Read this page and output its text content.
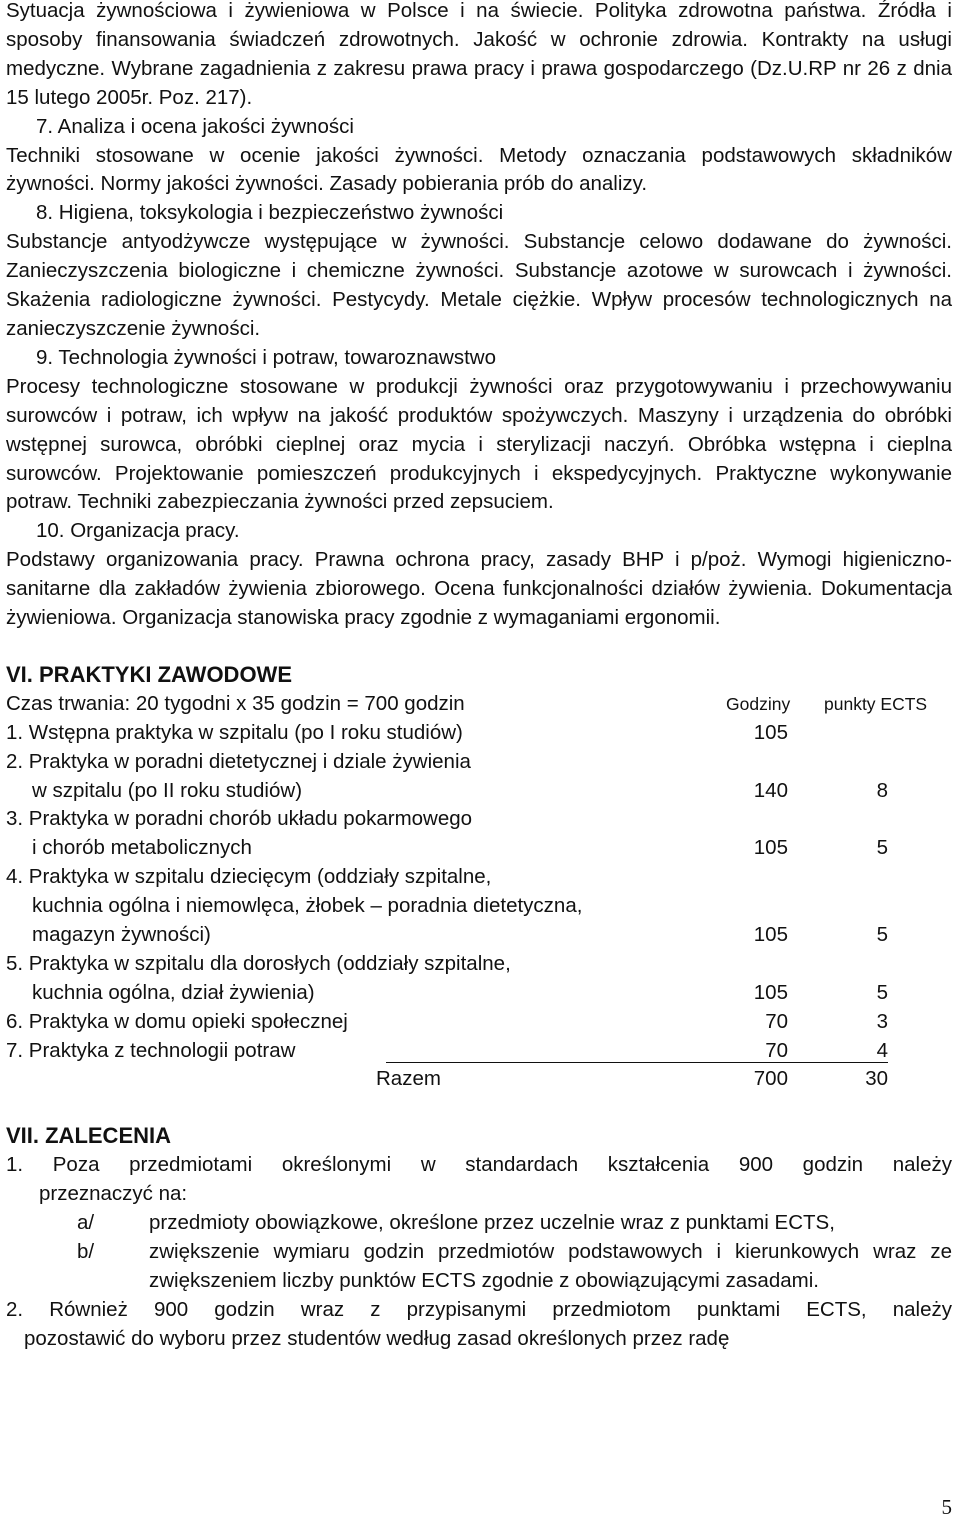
Sytuacja żywnościowa i żywieniowa w Polsce i na świecie. Polityka zdrowotna państwa. Źródła i sposoby finansowania świadczeń zdrowotnych. Jakość w ochronie zdrowia. Kontrakty na usługi medyczne. Wybrane zagadnienia z zakresu prawa pracy i prawa gospodarczego (Dz.U.RP nr 26 z dnia 15 lutego 2005r. Poz. 217).

7. Analiza i ocena jakości żywności

Techniki stosowane w ocenie jakości żywności. Metody oznaczania podstawowych składników żywności. Normy jakości żywności. Zasady pobierania prób do analizy.

8. Higiena, toksykologia i bezpieczeństwo żywności

Substancje antyodżywcze występujące w żywności. Substancje celowo dodawane do żywności. Zanieczyszczenia biologiczne i chemiczne żywności. Substancje azotowe w surowcach i żywności. Skażenia radiologiczne żywności. Pestycydy. Metale ciężkie. Wpływ procesów technologicznych na zanieczyszczenie żywności.

9. Technologia żywności i potraw, towaroznawstwo

Procesy technologiczne stosowane w produkcji żywności oraz przygotowywaniu i przechowywaniu surowców i potraw, ich wpływ na jakość produktów spożywczych. Maszyny i urządzenia do obróbki wstępnej surowca, obróbki cieplnej oraz mycia i sterylizacji naczyń. Obróbka wstępna i cieplna surowców. Projektowanie pomieszczeń produkcyjnych i ekspedycyjnych. Praktyczne wykonywanie potraw. Techniki zabezpieczania żywności przed zepsuciem.

10. Organizacja pracy.

Podstawy organizowania pracy. Prawna ochrona pracy, zasady BHP i p/poż. Wymogi higieniczno-sanitarne dla zakładów żywienia zbiorowego. Ocena funkcjonalności działów żywienia. Dokumentacja żywieniowa. Organizacja stanowiska pracy zgodnie z wymaganiami ergonomii.

VI. PRAKTYKI ZAWODOWE

Czas trwania: 20 tygodni x 35 godzin = 700 godzin	Godziny punkty ECTS
1. Wstępna praktyka w szpitalu (po I roku studiów)	105
2. Praktyka w poradni dietetycznej i dziale żywienia
w szpitalu (po II roku studiów)	140	8
3. Praktyka w poradni chorób układu pokarmowego
i chorób metabolicznych	105	5
4. Praktyka w szpitalu dziecięcym (oddziały szpitalne,
kuchnia ogólna i niemowlęca, żłobek – poradnia dietetyczna,
magazyn żywności)	105	5
5. Praktyka w szpitalu dla dorosłych (oddziały szpitalne,
kuchnia ogólna, dział żywienia)	105	5
6. Praktyka w domu opieki społecznej	70	3
7. Praktyka z technologii potraw	70	4
Razem	700	30

VII. ZALECENIA

1. Poza przedmiotami określonymi w standardach kształcenia 900 godzin należy

przeznaczyć na:

a/	przedmioty obowiązkowe, określone przez uczelnie wraz z punktami ECTS,
b/	zwiększenie wymiaru godzin przedmiotów podstawowych i kierunkowych wraz ze zwiększeniem liczby punktów ECTS zgodnie z obowiązującymi zasadami.

2. Również 900 godzin wraz z przypisanymi przedmiotom punktami ECTS, należy

pozostawić do wyboru przez studentów według zasad określonych przez radę

5
